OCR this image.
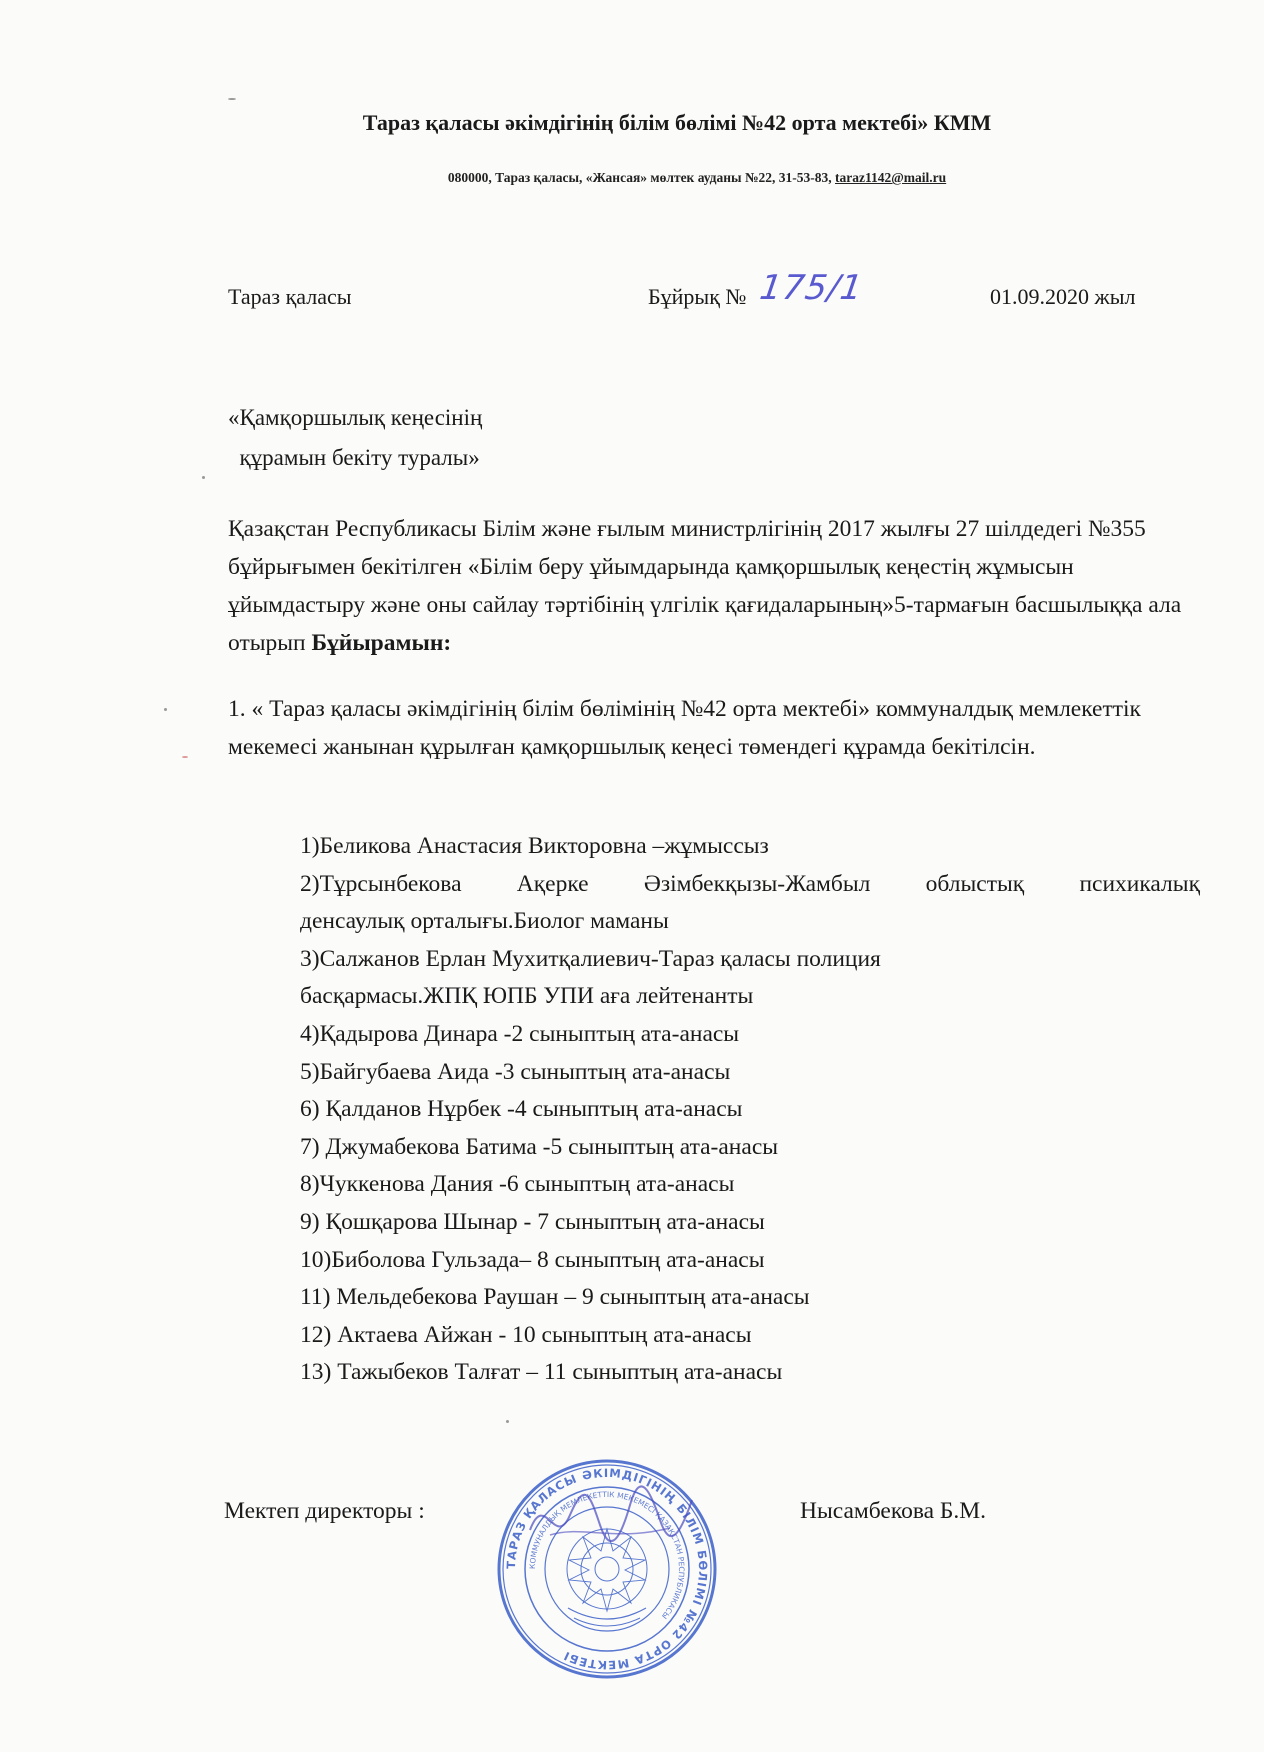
Тараз қаласы әкімдігінің білім бөлімі №42 орта мектебі» КММ
080000, Тараз қаласы, «Жансая» мөлтек ауданы №22, 31-53-83, taraz1142@mail.ru
Тараз қаласы	Бұйрық № 175/1	01.09.2020 жыл
«Қамқоршылық кеңесінің
құрамын бекіту туралы»
Қазақстан Республикасы Білім және ғылым министрлігінің 2017 жылғы 27 шілдедегі №355 бұйрығымен бекітілген «Білім беру ұйымдарында қамқоршылық кеңестің жұмысын ұйымдастыру және оны сайлау тәртібінің үлгілік қағидаларының»5-тармағын басшылыққа ала отырып Бұйырамын:
1. « Тараз қаласы әкімдігінің білім бөлімінің №42 орта мектебі» коммуналдық мемлекеттік мекемесі жанынан құрылған қамқоршылық кеңесі төмендегі құрамда бекітілсін.
1)Беликова Анастасия Викторовна –жұмыссыз
2)Тұрсынбекова Ақерке Әзімбекқызы-Жамбыл облыстық психикалық
денсаулық орталығы.Биолог маманы
3)Салжанов Ерлан Мухитқалиевич-Тараз қаласы полиция
басқармасы.ЖПҚ ЮПБ УПИ аға лейтенанты
4)Қадырова Динара -2 сыныптың ата-анасы
5)Байгубаева Аида -3 сыныптың ата-анасы
6) Қалданов Нұрбек -4 сыныптың ата-анасы
7) Джумабекова Батима -5 сыныптың ата-анасы
8)Чуккенова Дания -6 сыныптың ата-анасы
9) Қошқарова Шынар - 7 сыныптың ата-анасы
10)Биболова Гульзада– 8 сыныптың ата-анасы
11) Мельдебекова Раушан – 9 сыныптың ата-анасы
12) Актаева Айжан - 10 сыныптың ата-анасы
13) Тажыбеков Талғат – 11 сыныптың ата-анасы
Мектеп директоры :	Нысамбекова Б.М.
ТАРАЗ ҚАЛАСЫ ӘКІМДІГІНІҢ БІЛІМ БӨЛІМІ №42 ОРТА МЕКТЕБІ
КОММУНАЛДЫҚ МЕМЛЕКЕТТІК МЕКЕМЕСІ ҚАЗАҚСТАН РЕСПУБЛИКАСЫ
